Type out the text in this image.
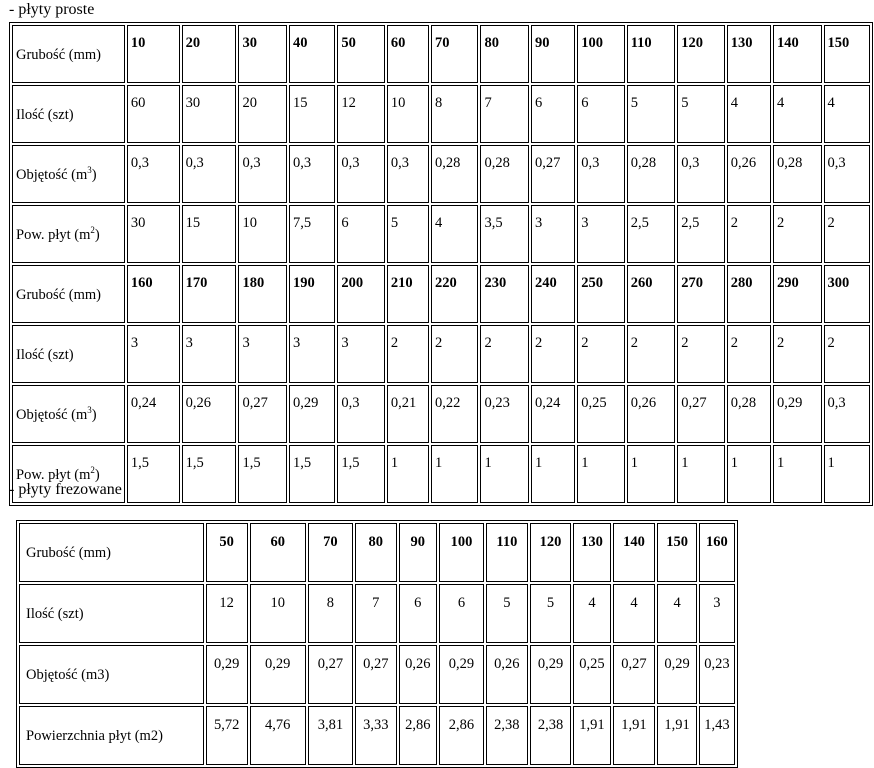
- płyty proste
Grubość (mm)	10	20	30	40	50	60	70	80	90	100	110	120	130	140	150
Ilość (szt)	60	30	20	15	12	10	8	7	6	6	5	5	4	4	4
Objętość $(m^3)$	0,3	0,3	0,3	0,3	0,3	0,3	0,28	0,28	0,27	0,3	0,28	0,3	0,26	0,28	0,3
Pow. płyt $(m^2)$	30	15	10	7,5	6	5	4	3,5	3	3	2,5	2,5	2	2	2
Grubość (mm)	160	170	180	190	200	210	220	230	240	250	260	270	280	290	300
Ilość (szt)	3	3	3	3	3	2	2	2	2	2	2	2	2	2	2
Objętość $(m^3)$	0,24	0,26	0,27	0,29	0,3	0,21	0,22	0,23	0,24	0,25	0,26	0,27	0,28	0,29	0,3
Pow. płyt $(m^2)$	1,5	1,5	1,5	1,5	1,5	1	1	1	1	1	1	1	1	1	1
- płyty frezowane
Grubość (mm)	50	60	70	80	90	100	110	120	130	140	150	160
Ilość (szt)	12	10	8	7	6	6	5	5	4	4	4	3
Objętość (m3)	0,29	0,29	0,27	0,27	0,26	0,29	0,26	0,29	0,25	0,27	0,29	0,23
Powierzchnia płyt (m2)	5,72	4,76	3,81	3,33	2,86	2,86	2,38	2,38	1,91	1,91	1,91	1,43
